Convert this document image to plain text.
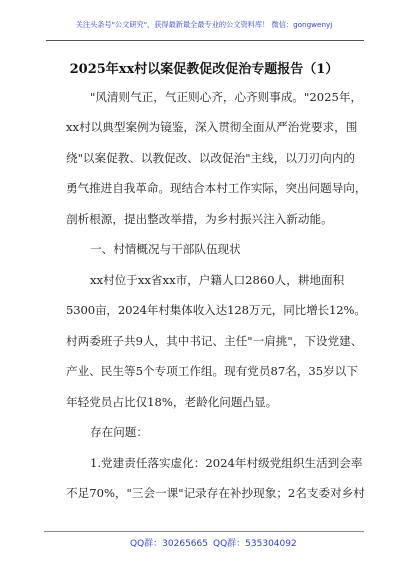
关注头条号"公文研究"，获得最新最全最专业的公文资料库！ 微信：gongwenyj
2025年xx村以案促教促改促治专题报告（1）
"风清则气正，气正则心齐，心齐则事成。"2025年，
xx村以典型案例为镜鉴，深入贯彻全面从严治党要求，围
绕"以案促教、以教促改、以改促治"主线，以刀刃向内的
勇气推进自我革命。现结合本村工作实际，突出问题导向，
剖析根源，提出整改举措，为乡村振兴注入新动能。
一、村情概况与干部队伍现状
xx村位于xx省xx市，户籍人口2860人，耕地面积
5300亩，2024年村集体收入达128万元，同比增长12%。
村两委班子共9人，其中书记、主任"一肩挑"，下设党建、
产业、民生等5个专项工作组。现有党员87名，35岁以下
年轻党员占比仅18%，老龄化问题凸显。
存在问题：
1.党建责任落实虚化：2024年村级党组织生活到会率
不足70%，"三会一课"记录存在补抄现象；2名支委对乡村
QQ群：30265665 QQ群：535304092
